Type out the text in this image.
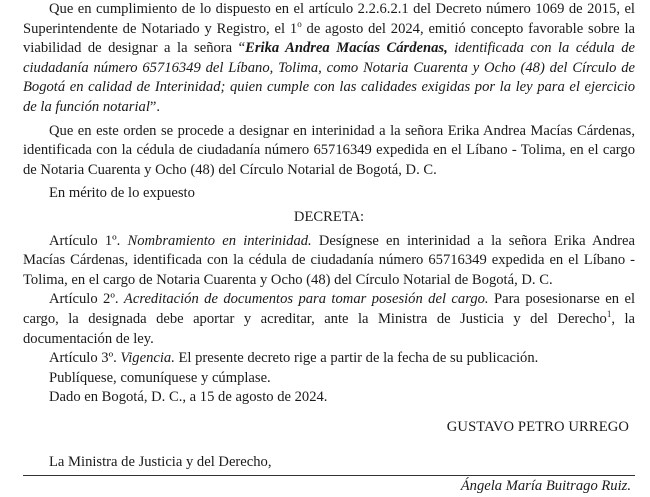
Que en cumplimiento de lo dispuesto en el artículo 2.2.6.2.1 del Decreto número 1069 de 2015, el Superintendente de Notariado y Registro, el 1$^o$ de agosto del 2024, emitió concepto favorable sobre la viabilidad de designar a la señora “Erika Andrea Macías Cárdenas, identificada con la cédula de ciudadanía número 65716349 del Líbano, Tolima, como Notaria Cuarenta y Ocho (48) del Círculo de Bogotá en calidad de Interinidad; quien cumple con las calidades exigidas por la ley para el ejercicio de la función notarial”.

Que en este orden se procede a designar en interinidad a la señora Erika Andrea Macías Cárdenas, identificada con la cédula de ciudadanía número 65716349 expedida en el Líbano - Tolima, en el cargo de Notaria Cuarenta y Ocho (48) del Círculo Notarial de Bogotá, D. C.

En mérito de lo expuesto

DECRETA:

Artículo 1º. Nombramiento en interinidad. Desígnese en interinidad a la señora Erika Andrea Macías Cárdenas, identificada con la cédula de ciudadanía número 65716349 expedida en el Líbano -Tolima, en el cargo de Notaria Cuarenta y Ocho (48) del Círculo Notarial de Bogotá, D. C.

Artículo 2º. Acreditación de documentos para tomar posesión del cargo. Para posesionarse en el cargo, la designada debe aportar y acreditar, ante la Ministra de Justicia y del Derecho$^1$, la documentación de ley.

Artículo 3º. Vigencia. El presente decreto rige a partir de la fecha de su publicación.

Publíquese, comuníquese y cúmplase.

Dado en Bogotá, D. C., a 15 de agosto de 2024.

GUSTAVO PETRO URREGO

La Ministra de Justicia y del Derecho,

Ángela María Buitrago Ruiz.
